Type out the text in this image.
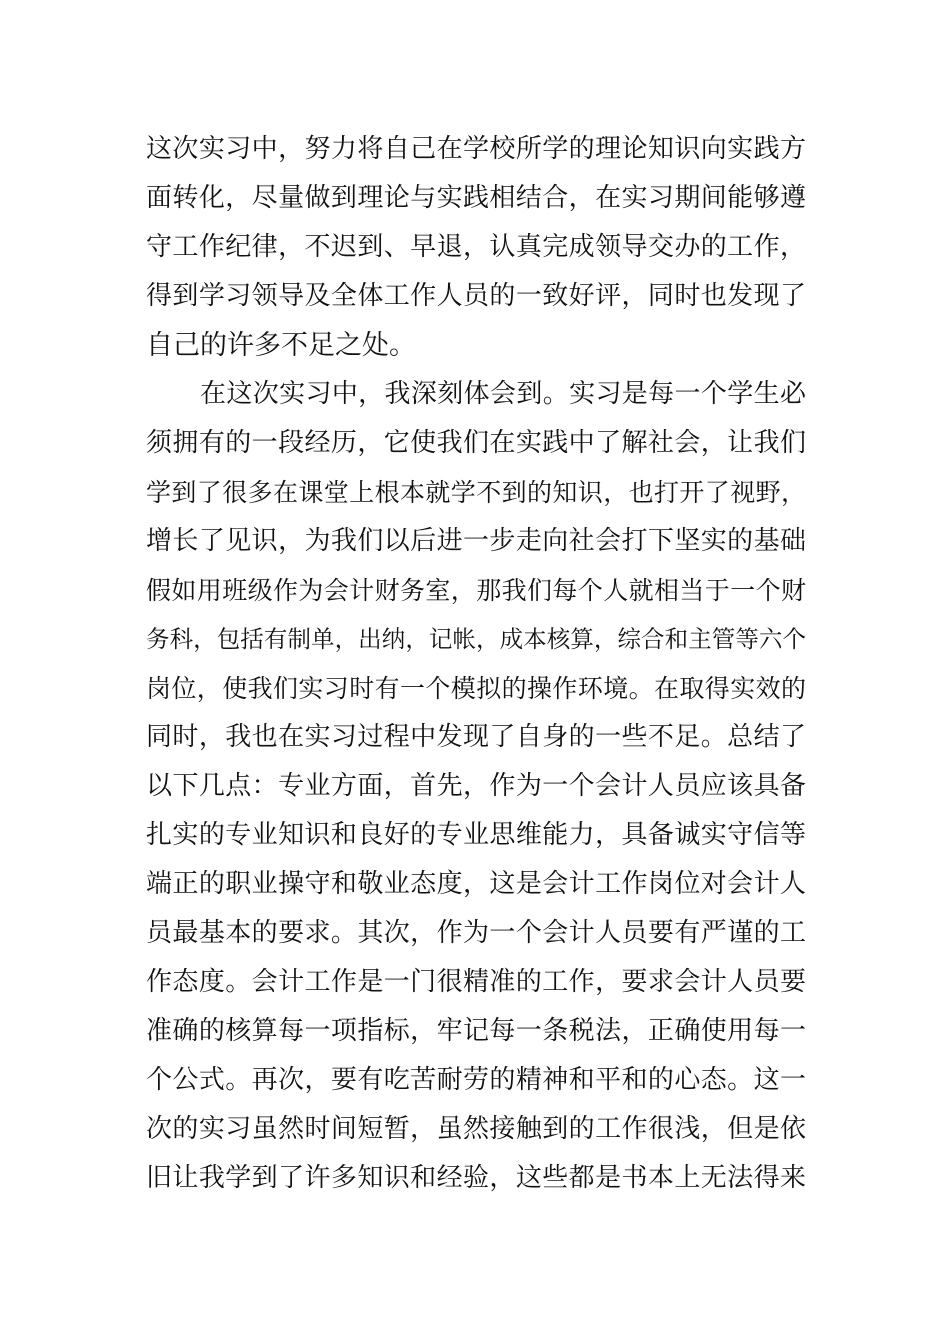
这次实习中，努力将自己在学校所学的理论知识向实践方
面转化，尽量做到理论与实践相结合，在实习期间能够遵
守工作纪律，不迟到、早退，认真完成领导交办的工作，
得到学习领导及全体工作人员的一致好评，同时也发现了
自己的许多不足之处。
在这次实习中，我深刻体会到。实习是每一个学生必
须拥有的一段经历，它使我们在实践中了解社会，让我们
学到了很多在课堂上根本就学不到的知识，也打开了视野，
增长了见识，为我们以后进一步走向社会打下坚实的基础
假如用班级作为会计财务室，那我们每个人就相当于一个财
务科，包括有制单，出纳，记帐，成本核算，综合和主管等六个
岗位，使我们实习时有一个模拟的操作环境。在取得实效的
同时，我也在实习过程中发现了自身的一些不足。总结了
以下几点：专业方面，首先，作为一个会计人员应该具备
扎实的专业知识和良好的专业思维能力，具备诚实守信等
端正的职业操守和敬业态度，这是会计工作岗位对会计人
员最基本的要求。其次，作为一个会计人员要有严谨的工
作态度。会计工作是一门很精准的工作，要求会计人员要
准确的核算每一项指标，牢记每一条税法，正确使用每一
个公式。再次，要有吃苦耐劳的精神和平和的心态。这一
次的实习虽然时间短暂，虽然接触到的工作很浅，但是依
旧让我学到了许多知识和经验，这些都是书本上无法得来
